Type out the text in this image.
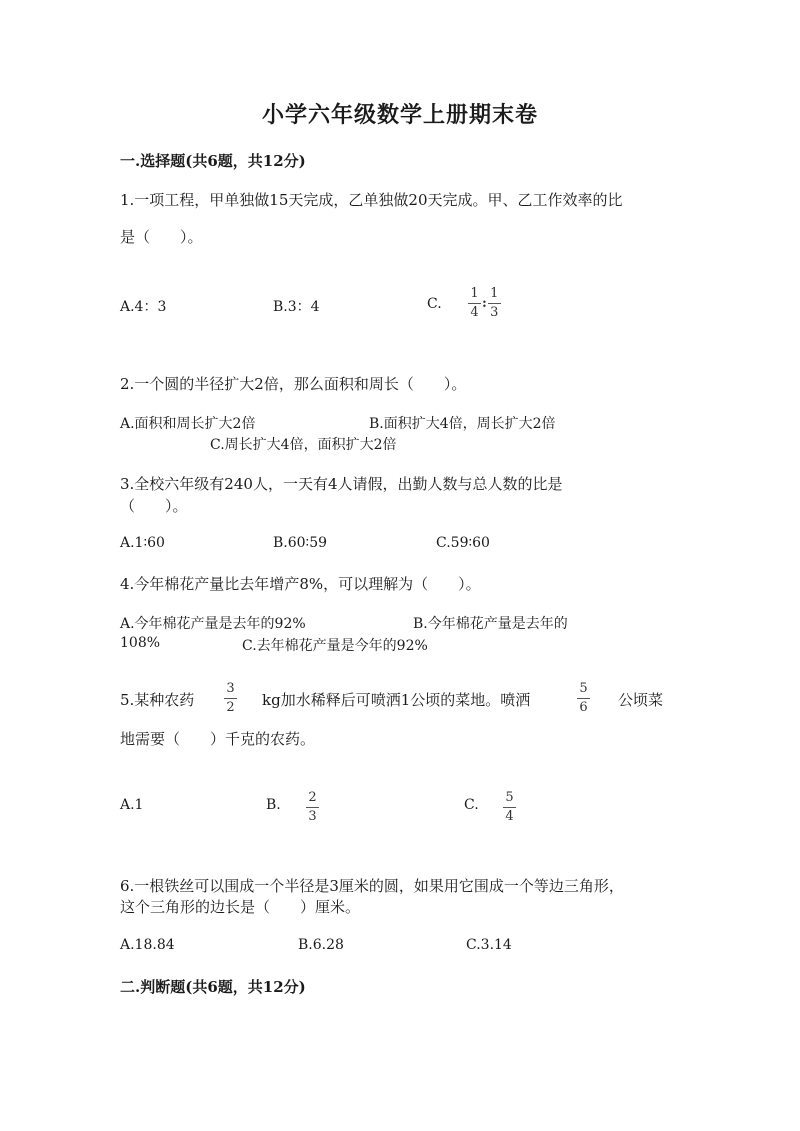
小学六年级数学上册期末卷
一.选择题(共6题，共12分)
1.一项工程，甲单独做15天完成，乙单独做20天完成。甲、乙工作效率的比
是（　　）。
A.4：3	B.3：4	C. $\frac{1}{4}$ : $\frac{1}{3}$
2.一个圆的半径扩大2倍，那么面积和周长（　　）。
A.面积和周长扩大2倍	B.面积扩大4倍，周长扩大2倍
C.周长扩大4倍，面积扩大2倍
3.全校六年级有240人，一天有4人请假，出勤人数与总人数的比是
（　　）。
A.1∶60	B.60∶59	C.59∶60
4.今年棉花产量比去年增产8%，可以理解为（　　）。
A.今年棉花产量是去年的92%	B.今年棉花产量是去年的
108%	C.去年棉花产量是今年的92%
5.某种农药
3
2 kg加水稀释后可喷洒1公顷的菜地。喷洒
5
6 公顷菜
地需要（　　）千克的农药。
A.1	B. 2
3
C. 5
4
6.一根铁丝可以围成一个半径是3厘米的圆，如果用它围成一个等边三角形，
这个三角形的边长是（　　）厘米。
A.18.84	B.6.28	C.3.14
二.判断题(共6题，共12分)
